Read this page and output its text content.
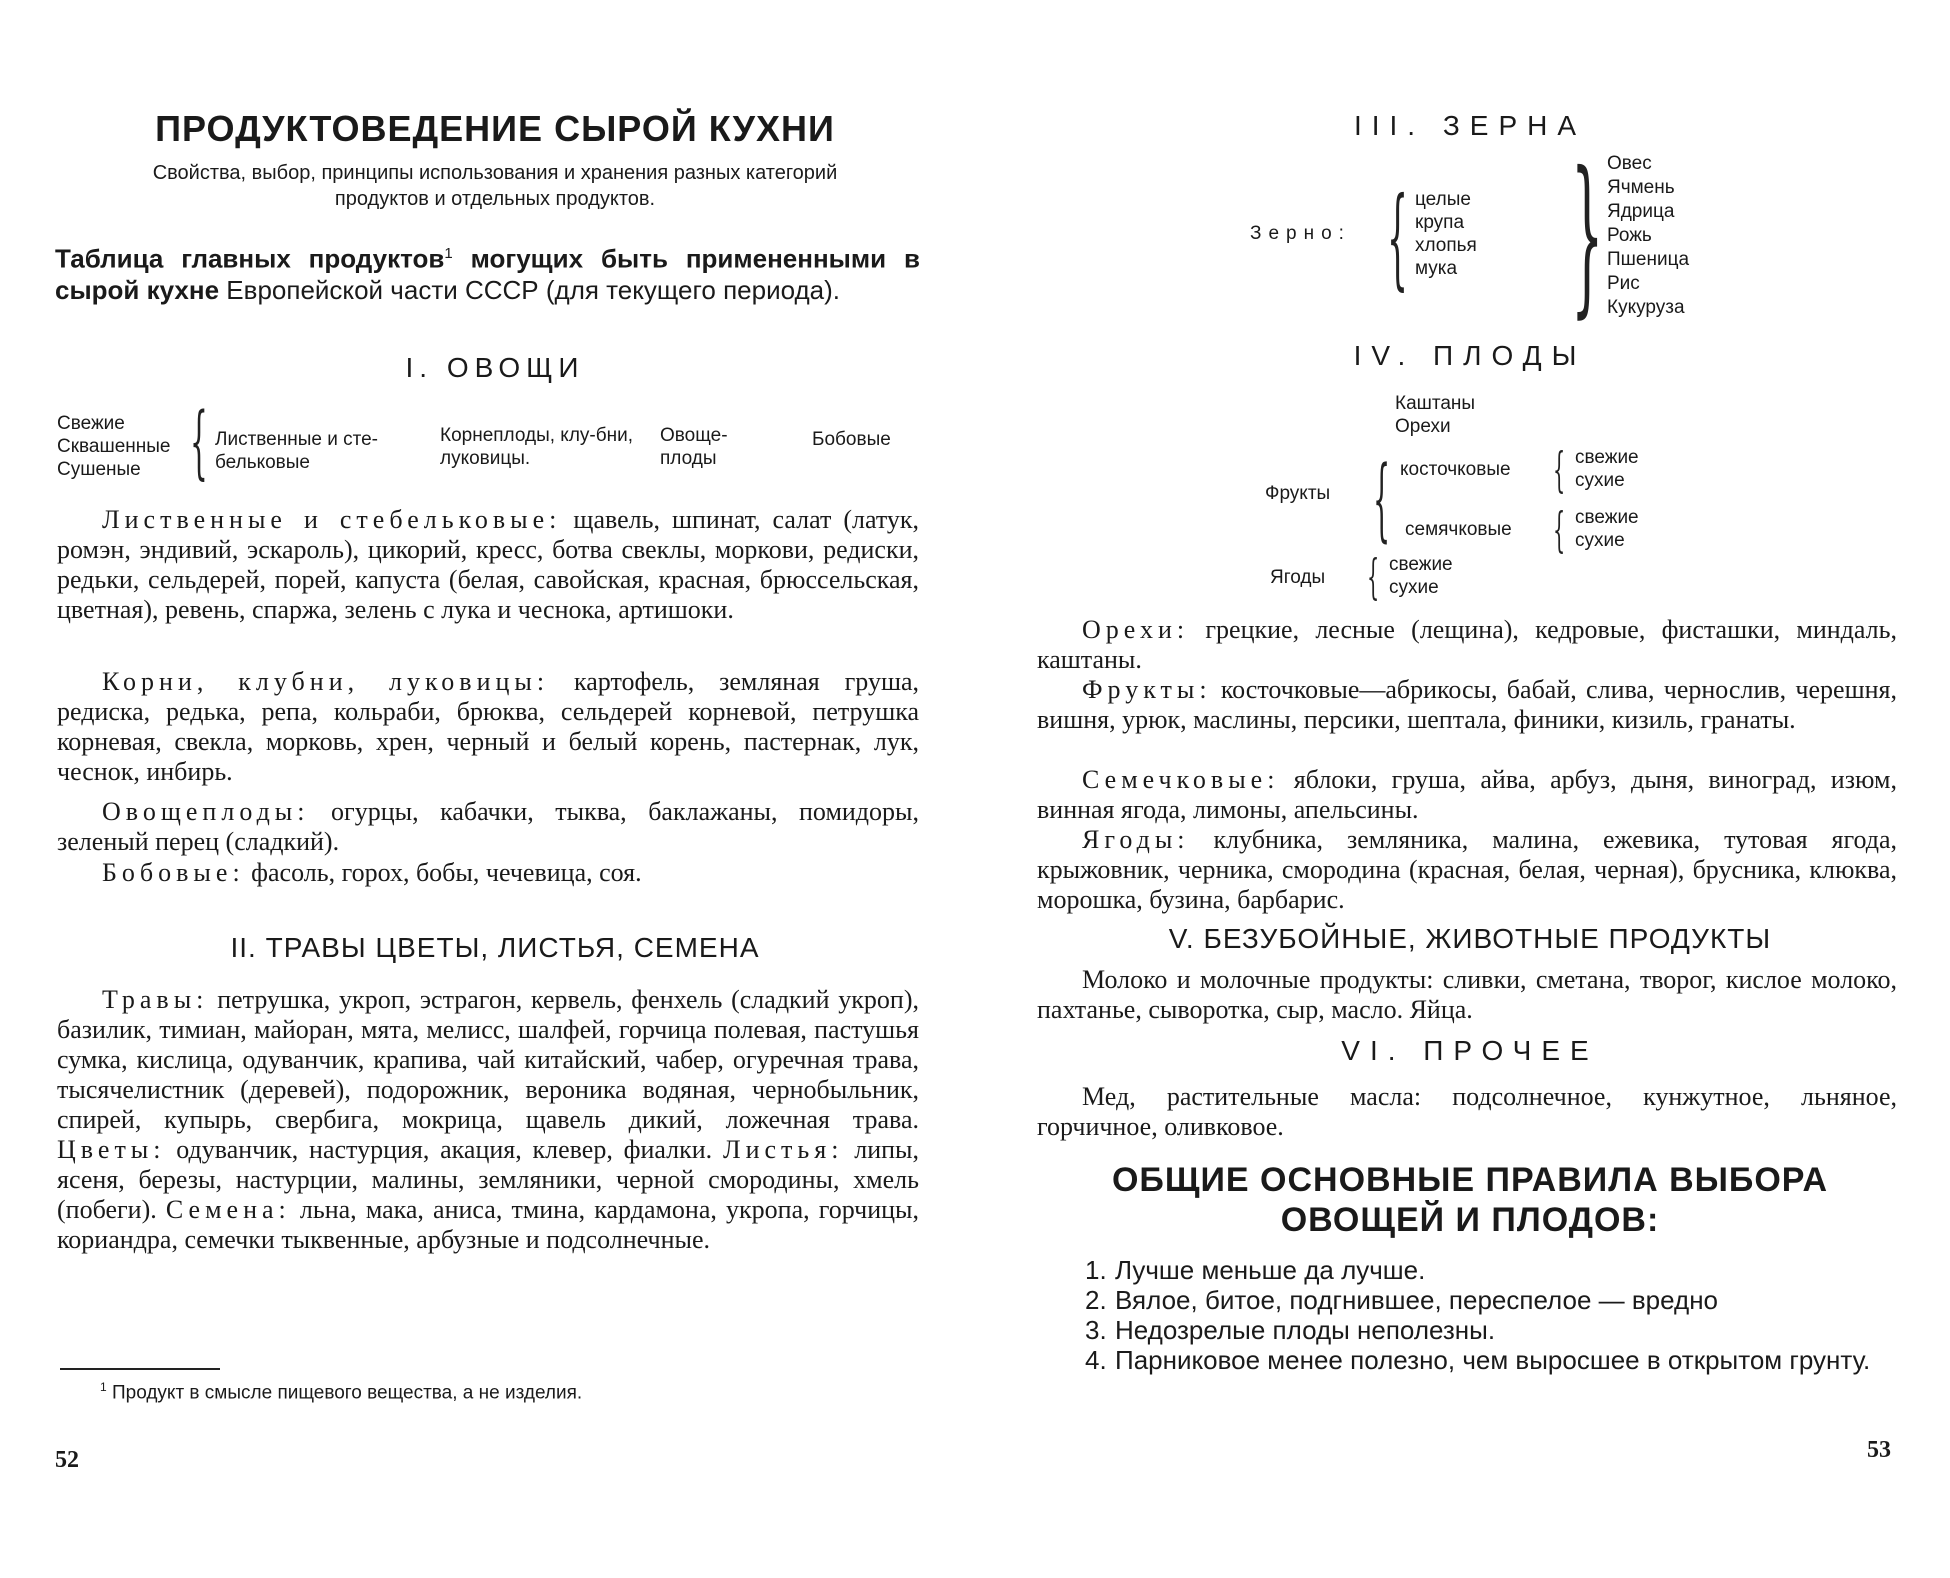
ПРОДУКТОВЕДЕНИЕ СЫРОЙ КУХНИ
Свойства, выбор, принципы использования и хранения разных категорий
продуктов и отдельных продуктов.
Таблица главных продуктов$^1$ могущих быть примененными в сырой кухне Европейской части СССР (для текущего периода).
I. ОВОЩИ
Свежие
Сквашенные
Сушеные { Лиственные и сте-бельковые
Корнеплоды, клу-бни, луковицы.
Овоще-плоды
Бобовые
Лиственные и стебельковые: щавель, шпинат, салат (латук, ромэн, эндивий, эскароль), цикорий, кресс, ботва свеклы, моркови, редиски, редьки, сельдерей, порей, капуста (белая, савойская, красная, брюссельская, цветная), ревень, спаржа, зелень с лука и чеснока, артишоки.
Корни, клубни, луковицы: картофель, земляная груша, редиска, редька, репа, кольраби, брюква, сельдерей корневой, петрушка корневая, свекла, морковь, хрен, черный и белый корень, пастернак, лук, чеснок, инбирь.
Овощеплоды: огурцы, кабачки, тыква, баклажаны, помидоры, зеленый перец (сладкий).
Бобовые: фасоль, горох, бобы, чечевица, соя.
II. ТРАВЫ ЦВЕТЫ, ЛИСТЬЯ, СЕМЕНА
Травы: петрушка, укроп, эстрагон, кервель, фенхель (сладкий укроп), базилик, тимиан, майоран, мята, мелисс, шалфей, горчица полевая, пастушья сумка, кислица, одуванчик, крапива, чай китайский, чабер, огуречная трава, тысячелистник (деревей), подорожник, вероника водяная, чернобыльник, спирей, купырь, свербига, мокрица, щавель дикий, ложечная трава. Цветы: одуванчик, настурция, акация, клевер, фиалки. Листья: липы, ясеня, березы, настурции, малины, земляники, черной смородины, хмель (побеги). Семена: льна, мака, аниса, тмина, кардамона, укропа, горчицы, кориандра, семечки тыквенные, арбузные и подсолнечные.
$^1$ Продукт в смысле пищевого вещества, а не изделия.
52
III. ЗЕРНА
Зерно: { целые
крупа
хлопья
мука } Овес
Ячмень
Ядрица
Рожь
Пшеница
Рис
Кукуруза
IV. ПЛОДЫ
Каштаны
Орехи
Фрукты { косточковые
семячковые
{ свежие
сухие
{ свежие
сухие
Ягоды { свежие
сухие
Орехи: грецкие, лесные (лещина), кедровые, фисташки, миндаль, каштаны.
Фрукты: косточковые—абрикосы, бабай, слива, чернослив, черешня, вишня, урюк, маслины, персики, шептала, финики, кизиль, гранаты.
Семечковые: яблоки, груша, айва, арбуз, дыня, виноград, изюм, винная ягода, лимоны, апельсины.
Ягоды: клубника, земляника, малина, ежевика, тутовая ягода, крыжовник, черника, смородина (красная, белая, черная), брусника, клюква, морошка, бузина, барбарис.
V. БЕЗУБОЙНЫЕ, ЖИВОТНЫЕ ПРОДУКТЫ
Молоко и молочные продукты: сливки, сметана, творог, кислое молоко, пахтанье, сыворотка, сыр, масло. Яйца.
VI. ПРОЧЕЕ
Мед, растительные масла: подсолнечное, кунжутное, льняное, горчичное, оливковое.
ОБЩИЕ ОСНОВНЫЕ ПРАВИЛА ВЫБОРА
ОВОЩЕЙ И ПЛОДОВ:
1. Лучше меньше да лучше.
2. Вялое, битое, подгнившее, переспелое — вредно
3. Недозрелые плоды неполезны.
4. Парниковое менее полезно, чем выросшее в открытом грунту.
53
